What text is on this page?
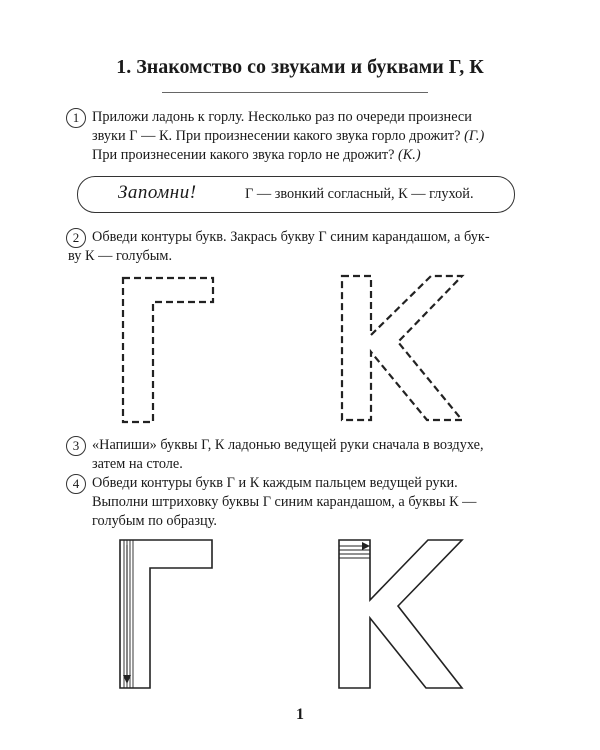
1. Знакомство со звуками и буквами Г, К
1 Приложи ладонь к горлу. Несколько раз по очереди произнеси
звуки Г — К. При произнесении какого звука горло дрожит? (Г.)
При произнесении какого звука горло не дрожит? (К.)
Запомни!	Г — звонкий согласный, К — глухой.
2 Обведи контуры букв. Закрась букву Г синим карандашом, а бук-
ву К — голубым.
3 «Напиши» буквы Г, К ладонью ведущей руки сначала в воздухе,
затем на столе.
4 Обведи контуры букв Г и К каждым пальцем ведущей руки.
Выполни штриховку буквы Г синим карандашом, а буквы К —
голубым по образцу.
1
